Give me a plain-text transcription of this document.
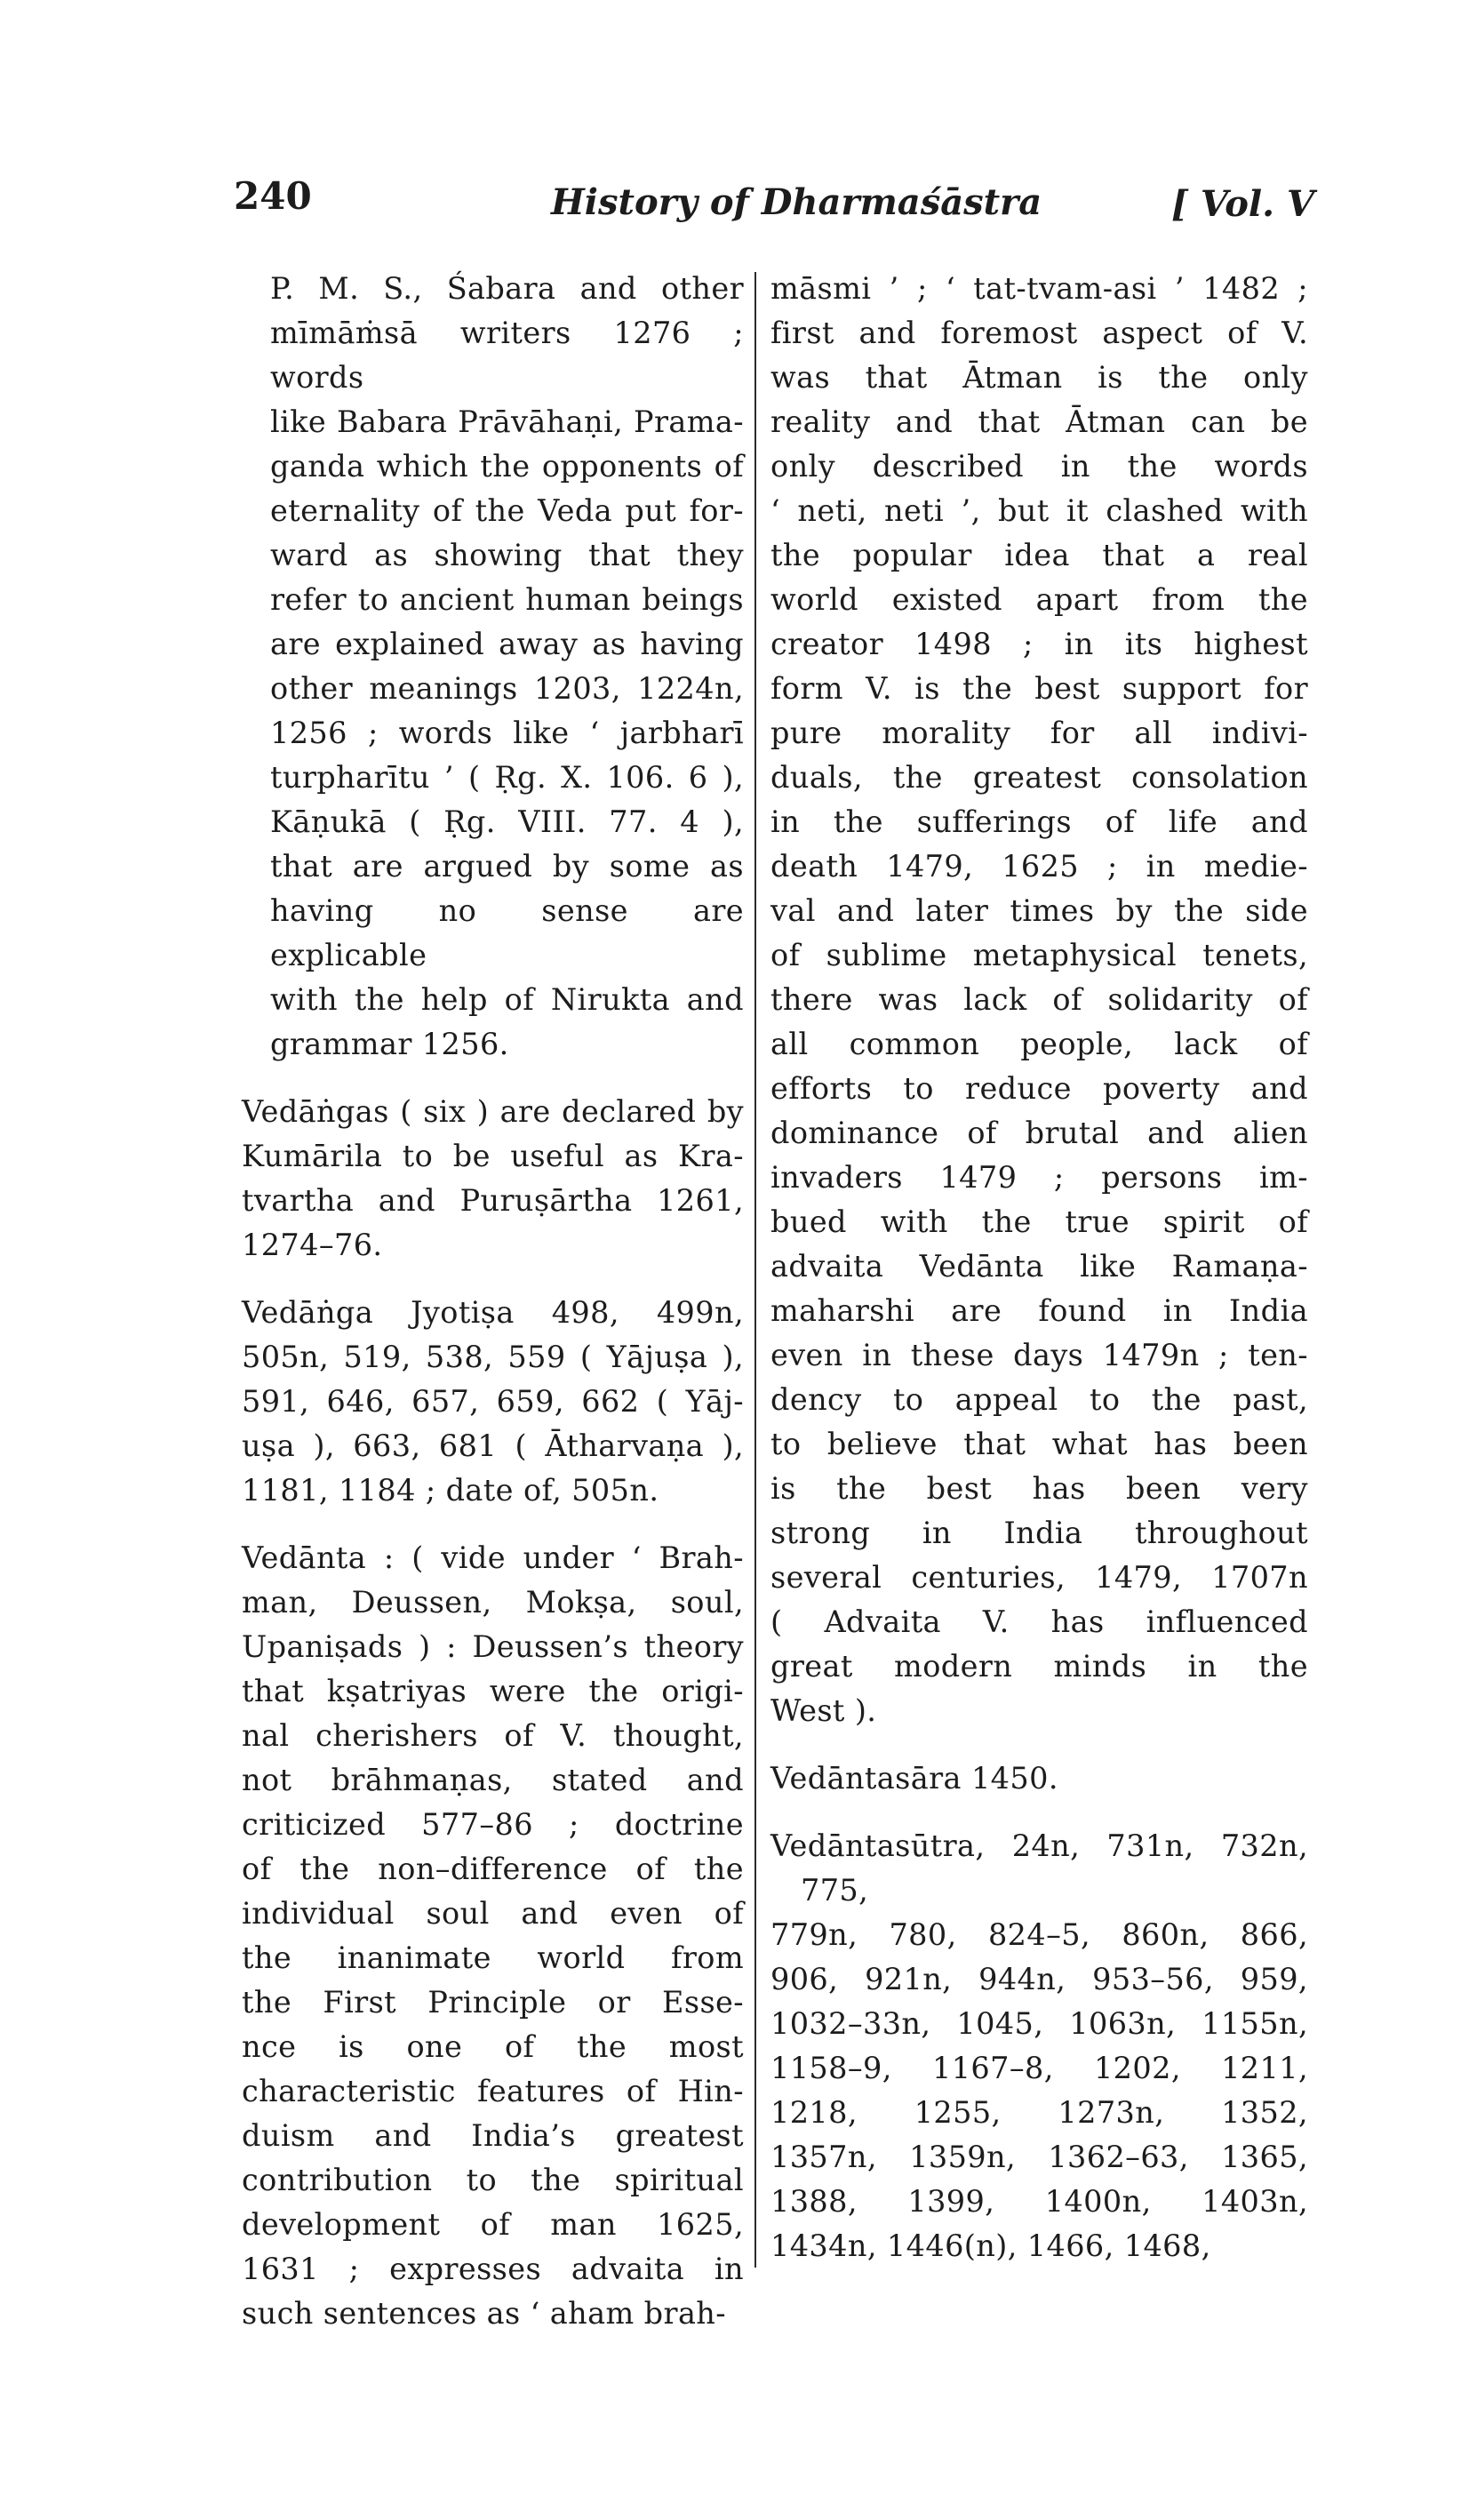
240	History of Dharmaśāstra	[ Vol. V
P. M. S., Śabara and other
mīmāṁsā writers 1276 ; words
like Babara Prāvāhaṇi, Prama-
ganda which the opponents of
eternality of the Veda put for-
ward as showing that they
refer to ancient human beings
are explained away as having
other meanings 1203, 1224n,
1256 ; words like ‘ jarbharī
turpharītu ’ ( Ṛg. X. 106. 6 ),
Kāṇukā ( Ṛg. VIII. 77. 4 ),
that are argued by some as
having no sense are explicable
with the help of Nirukta and
grammar 1256.
Vedāṅgas ( six ) are declared by
Kumārila to be useful as Kra-
tvartha and Puruṣārtha 1261,
1274–76.
Vedāṅga Jyotiṣa 498, 499n,
505n, 519, 538, 559 ( Yājuṣa ),
591, 646, 657, 659, 662 ( Yāj-
uṣa ), 663, 681 ( Ātharvaṇa ),
1181, 1184 ; date of, 505n.
Vedānta : ( vide under ‘ Brah-
man, Deussen, Mokṣa, soul,
Upaniṣads ) : Deussen’s theory
that kṣatriyas were the origi-
nal cherishers of V. thought,
not brāhmaṇas, stated and
criticized 577–86 ; doctrine
of the non–difference of the
individual soul and even of
the inanimate world from
the First Principle or Esse-
nce is one of the most
characteristic features of Hin-
duism and India’s greatest
contribution to the spiritual
development of man 1625,
1631 ; expresses advaita in
such sentences as ‘ aham brah-
māsmi ’ ; ‘ tat-tvam-asi ’ 1482 ;
first and foremost aspect of V.
was that Ātman is the only
reality and that Ātman can be
only described in the words
‘ neti, neti ’, but it clashed with
the popular idea that a real
world existed apart from the
creator 1498 ; in its highest
form V. is the best support for
pure morality for all indivi-
duals, the greatest consolation
in the sufferings of life and
death 1479, 1625 ; in medie-
val and later times by the side
of sublime metaphysical tenets,
there was lack of solidarity of
all common people, lack of
efforts to reduce poverty and
dominance of brutal and alien
invaders 1479 ; persons im-
bued with the true spirit of
advaita Vedānta like Ramaṇa-
maharshi are found in India
even in these days 1479n ; ten-
dency to appeal to the past,
to believe that what has been
is the best has been very
strong in India throughout
several centuries, 1479, 1707n
( Advaita V. has influenced
great modern minds in the
West ).
Vedāntasāra 1450.
Vedāntasūtra, 24n, 731n, 732n, 775,
779n, 780, 824–5, 860n, 866,
906, 921n, 944n, 953–56, 959,
1032–33n, 1045, 1063n, 1155n,
1158–9, 1167–8, 1202, 1211,
1218, 1255, 1273n, 1352,
1357n, 1359n, 1362–63, 1365,
1388, 1399, 1400n, 1403n,
1434n, 1446(n), 1466, 1468,
